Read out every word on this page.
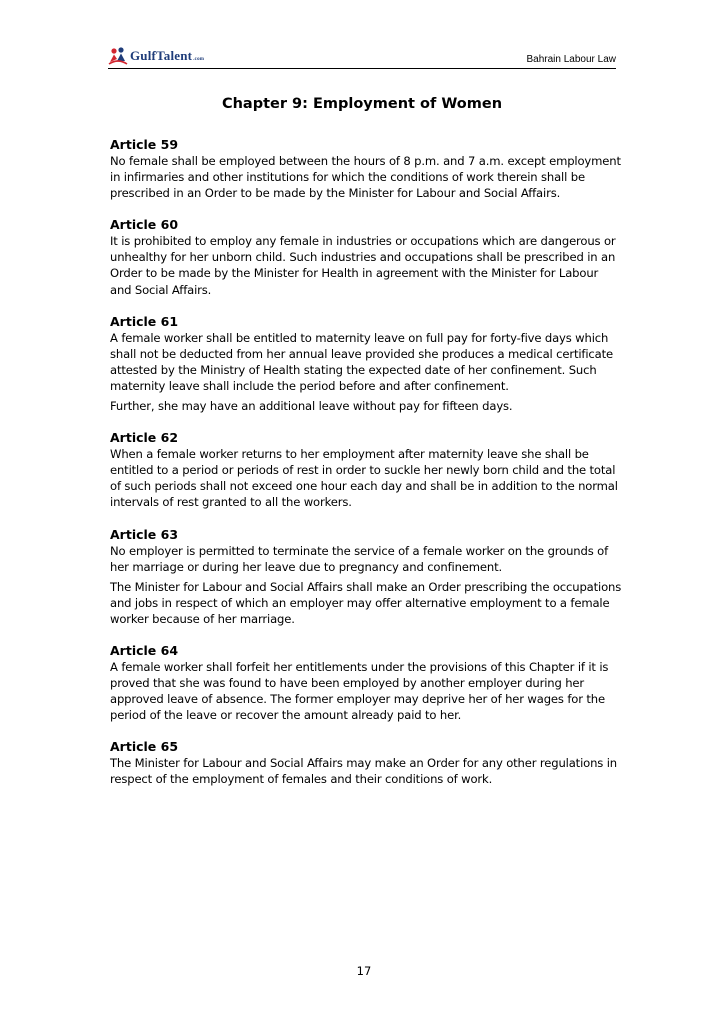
GulfTalent.com	Bahrain Labour Law
Chapter 9: Employment of Women
Article 59

No female shall be employed between the hours of 8 p.m. and 7 a.m. except employment in infirmaries and other institutions for which the conditions of work therein shall be prescribed in an Order to be made by the Minister for Labour and Social Affairs.

Article 60

It is prohibited to employ any female in industries or occupations which are dangerous or unhealthy for her unborn child. Such industries and occupations shall be prescribed in an Order to be made by the Minister for Health in agreement with the Minister for Labour and Social Affairs.

Article 61

A female worker shall be entitled to maternity leave on full pay for forty-five days which shall not be deducted from her annual leave provided she produces a medical certificate attested by the Ministry of Health stating the expected date of her confinement. Such maternity leave shall include the period before and after confinement.

Further, she may have an additional leave without pay for fifteen days.

Article 62

When a female worker returns to her employment after maternity leave she shall be entitled to a period or periods of rest in order to suckle her newly born child and the total of such periods shall not exceed one hour each day and shall be in addition to the normal intervals of rest granted to all the workers.

Article 63

No employer is permitted to terminate the service of a female worker on the grounds of her marriage or during her leave due to pregnancy and confinement.

The Minister for Labour and Social Affairs shall make an Order prescribing the occupations and jobs in respect of which an employer may offer alternative employment to a female worker because of her marriage.

Article 64

A female worker shall forfeit her entitlements under the provisions of this Chapter if it is proved that she was found to have been employed by another employer during her approved leave of absence. The former employer may deprive her of her wages for the period of the leave or recover the amount already paid to her.

Article 65

The Minister for Labour and Social Affairs may make an Order for any other regulations in respect of the employment of females and their conditions of work.

17
